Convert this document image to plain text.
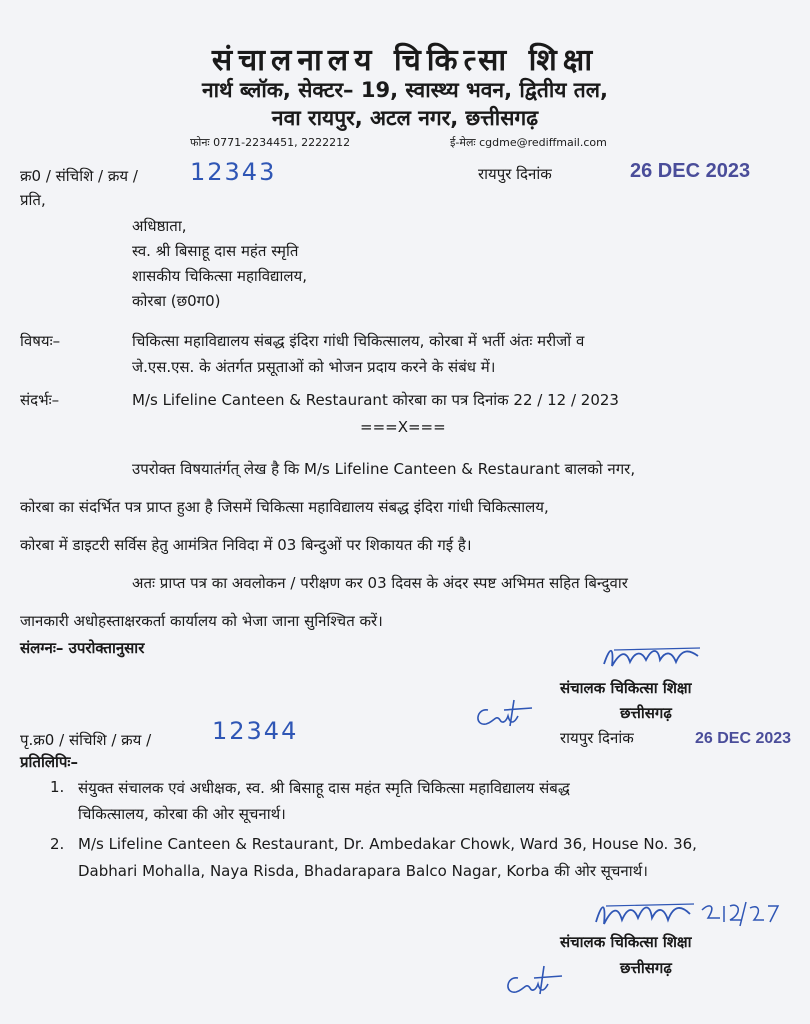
संचालनालय चिकित्सा शिक्षा
नार्थ ब्लॉक, सेक्टर– 19, स्वास्थ्य भवन, द्वितीय तल,
नवा रायपुर, अटल नगर, छत्तीसगढ़
फोनः 0771-2234451, 2222212	ई-मेलः cgdme@rediffmail.com
क्र0 / संचिशि / क्रय / 12343	रायपुर दिनांक	26 DEC 2023
प्रति,
अधिष्ठाता,
स्व. श्री बिसाहू दास महंत स्मृति
शासकीय चिकित्सा महाविद्यालय,
कोरबा (छ0ग0)
विषयः–	चिकित्सा महाविद्यालय संबद्ध इंदिरा गांधी चिकित्सालय, कोरबा में भर्ती अंतः मरीजों व
जे.एस.एस. के अंतर्गत प्रसूताओं को भोजन प्रदाय करने के संबंध में।
संदर्भः–	M/s Lifeline Canteen & Restaurant कोरबा का पत्र दिनांक 22 / 12 / 2023
===X===
उपरोक्त विषयातंर्गत् लेख है कि M/s Lifeline Canteen & Restaurant बालको नगर,
कोरबा का संदर्भित पत्र प्राप्त हुआ है जिसमें चिकित्सा महाविद्यालय संबद्ध इंदिरा गांधी चिकित्सालय,
कोरबा में डाइटरी सर्विस हेतु आमंत्रित निविदा में 03 बिन्दुओं पर शिकायत की गई है।
अतः प्राप्त पत्र का अवलोकन / परीक्षण कर 03 दिवस के अंदर स्पष्ट अभिमत सहित बिन्दुवार
जानकारी अधोहस्ताक्षरकर्ता कार्यालय को भेजा जाना सुनिश्चित करें।
संलग्नः– उपरोक्तानुसार
संचालक चिकित्सा शिक्षा
छत्तीसगढ़
पृ.क्र0 / संचिशि / क्रय /	12344	रायपुर दिनांक	26 DEC 2023
प्रतिलिपिः–
1. संयुक्त संचालक एवं अधीक्षक, स्व. श्री बिसाहू दास महंत स्मृति चिकित्सा महाविद्यालय संबद्ध
चिकित्सालय, कोरबा की ओर सूचनार्थ।
2. M/s Lifeline Canteen & Restaurant, Dr. Ambedakar Chowk, Ward 36, House No. 36,
Dabhari Mohalla, Naya Risda, Bhadarapara Balco Nagar, Korba की ओर सूचनार्थ।
संचालक चिकित्सा शिक्षा
छत्तीसगढ़
